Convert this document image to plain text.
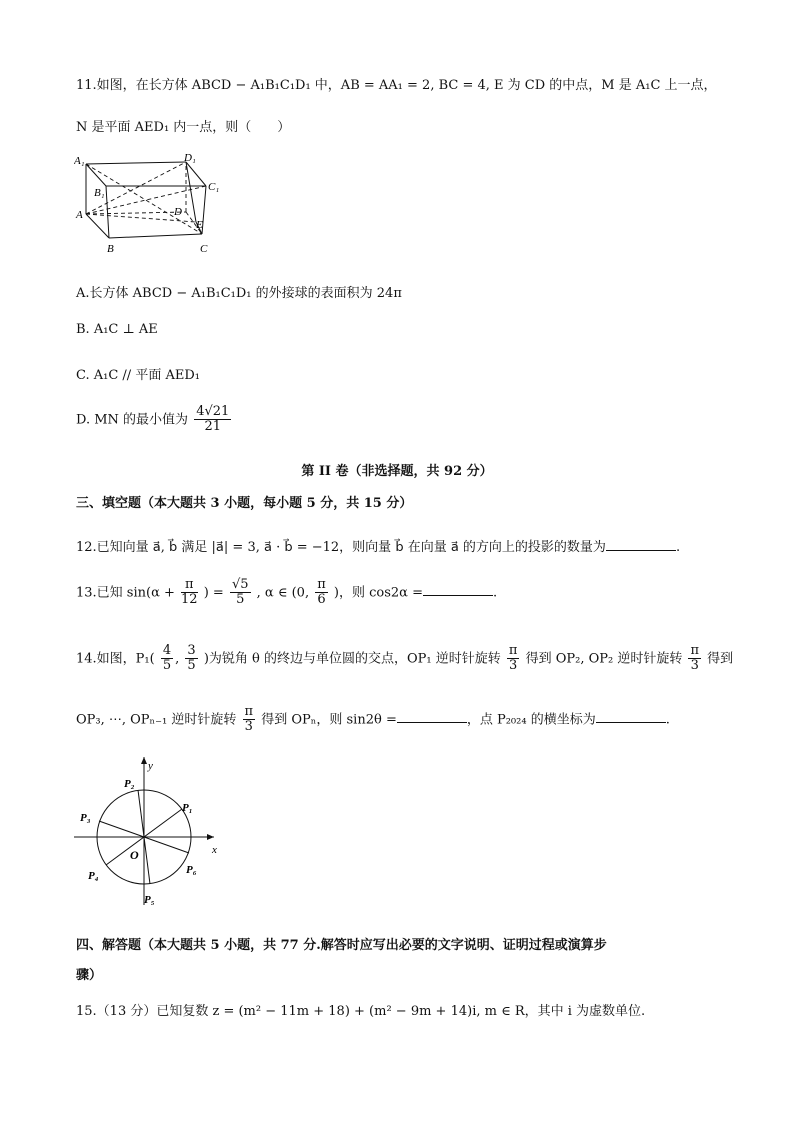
11.如图，在长方体 ABCD − A₁B₁C₁D₁ 中，AB = AA₁ = 2, BC = 4, E 为 CD 的中点，M 是 A₁C 上一点，
N 是平面 AED₁ 内一点，则（　　）
A₁	D₁
B₁	C₁
A	D
E
B	C
A.长方体 ABCD − A₁B₁C₁D₁ 的外接球的表面积为 24π
B. A₁C ⊥ AE
C. A₁C // 平面 AED₁
D. MN 的最小值为 $\frac{4√21}{21}$
第 II 卷（非选择题，共 92 分）
三、填空题（本大题共 3 小题，每小题 5 分，共 15 分）
12.已知向量 a⃗, b⃗ 满足 |a⃗| = 3, a⃗ · b⃗ = −12，则向量 b⃗ 在向量 a⃗ 的方向上的投影的数量为	.
13.已知 $\sin(\alpha + \frac{\pi}{12}$ ) = $\frac{√5}{5}$ , α ∈ (0, $\frac{\pi}{6}$ )，则 cos2α =	.
14.如图，$P_1( \frac{4}{5}$ , $\frac{3}{5}$ )为锐角 θ 的终边与单位圆的交点，OP₁ 逆时针旋转 $\frac{\pi}{3}$ 得到 OP₂, OP₂ 逆时针旋转 $\frac{\pi}{3}$ 得到
OP₃, ⋯, OPₙ₋₁ 逆时针旋转 $\frac{\pi}{3}$ 得到 OPₙ，则 sin2θ =	，点 P₂₀₂₄ 的横坐标为	.
y
x
O
P₁
P₂
P₃
P₄
P₅
P₆
四、解答题（本大题共 5 小题，共 77 分.解答时应写出必要的文字说明、证明过程或演算步
骤）
15.（13 分）已知复数 z = (m² − 11m + 18) + (m² − 9m + 14)i, m ∈ R，其中 i 为虚数单位.
